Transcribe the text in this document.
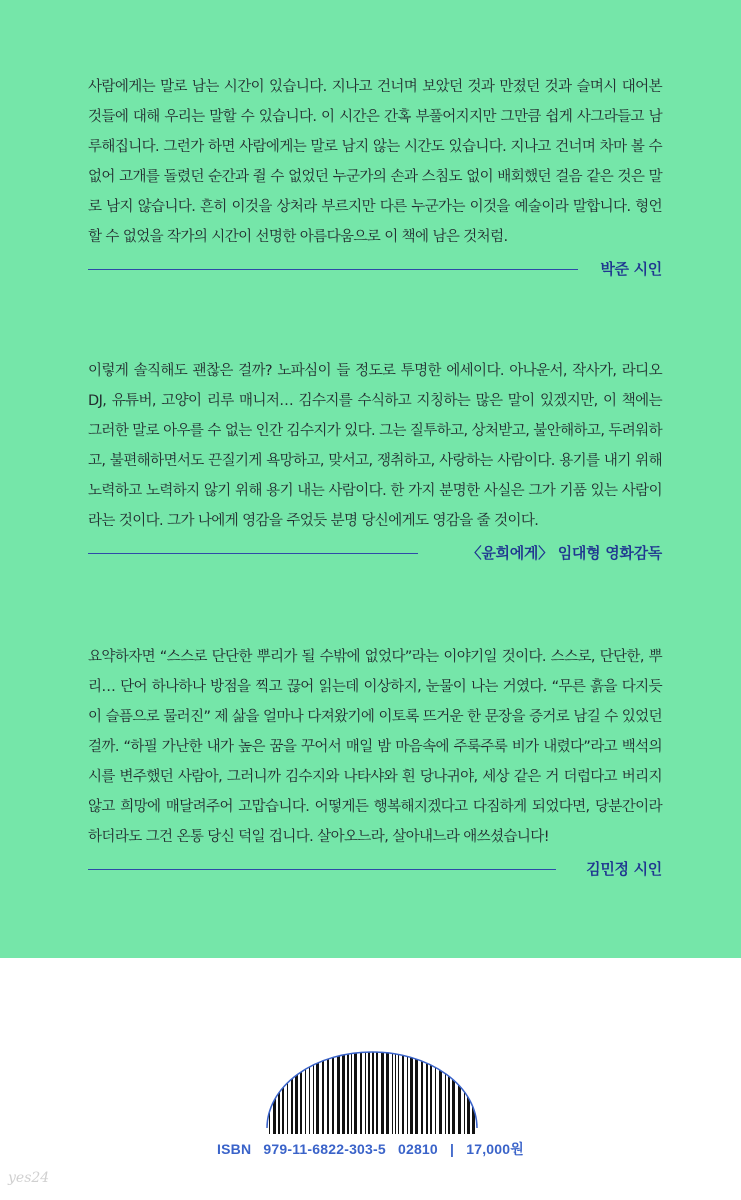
사람에게는 말로 남는 시간이 있습니다. 지나고 건너며 보았던 것과 만졌던 것과 슬며시 대어본 것들에 대해 우리는 말할 수 있습니다. 이 시간은 간혹 부풀어지지만 그만큼 쉽게 사그라들고 남루해집니다. 그런가 하면 사람에게는 말로 남지 않는 시간도 있습니다. 지나고 건너며 차마 볼 수 없어 고개를 돌렸던 순간과 쥘 수 없었던 누군가의 손과 스침도 없이 배회했던 걸음 같은 것은 말로 남지 않습니다. 흔히 이것을 상처라 부르지만 다른 누군가는 이것을 예술이라 말합니다. 형언할 수 없었을 작가의 시간이 선명한 아름다움으로 이 책에 남은 것처럼.

박준 시인

이렇게 솔직해도 괜찮은 걸까? 노파심이 들 정도로 투명한 에세이다. 아나운서, 작사가, 라디오 DJ, 유튜버, 고양이 리루 매니저… 김수지를 수식하고 지칭하는 많은 말이 있겠지만, 이 책에는 그러한 말로 아우를 수 없는 인간 김수지가 있다. 그는 질투하고, 상처받고, 불안해하고, 두려워하고, 불편해하면서도 끈질기게 욕망하고, 맞서고, 쟁취하고, 사랑하는 사람이다. 용기를 내기 위해 노력하고 노력하지 않기 위해 용기 내는 사람이다. 한 가지 분명한 사실은 그가 기품 있는 사람이라는 것이다. 그가 나에게 영감을 주었듯 분명 당신에게도 영감을 줄 것이다.

〈윤희에게〉 임대형 영화감독

요약하자면 “스스로 단단한 뿌리가 될 수밖에 없었다”라는 이야기일 것이다. 스스로, 단단한, 뿌리… 단어 하나하나 방점을 찍고 끊어 읽는데 이상하지, 눈물이 나는 거였다. “무른 흙을 다지듯이 슬픔으로 물러진” 제 삶을 얼마나 다져왔기에 이토록 뜨거운 한 문장을 증거로 남길 수 있었던 걸까. “하필 가난한 내가 높은 꿈을 꾸어서 매일 밤 마음속에 주룩주룩 비가 내렸다”라고 백석의 시를 변주했던 사람아, 그러니까 김수지와 나타샤와 흰 당나귀야, 세상 같은 거 더럽다고 버리지 않고 희망에 매달려주어 고맙습니다. 어떻게든 행복해지겠다고 다짐하게 되었다면, 당분간이라 하더라도 그건 온통 당신 덕일 겁니다. 살아오느라, 살아내느라 애쓰셨습니다!

김민정 시인
ISBN 979-11-6822-303-5 02810 | 17,000원
yes24
